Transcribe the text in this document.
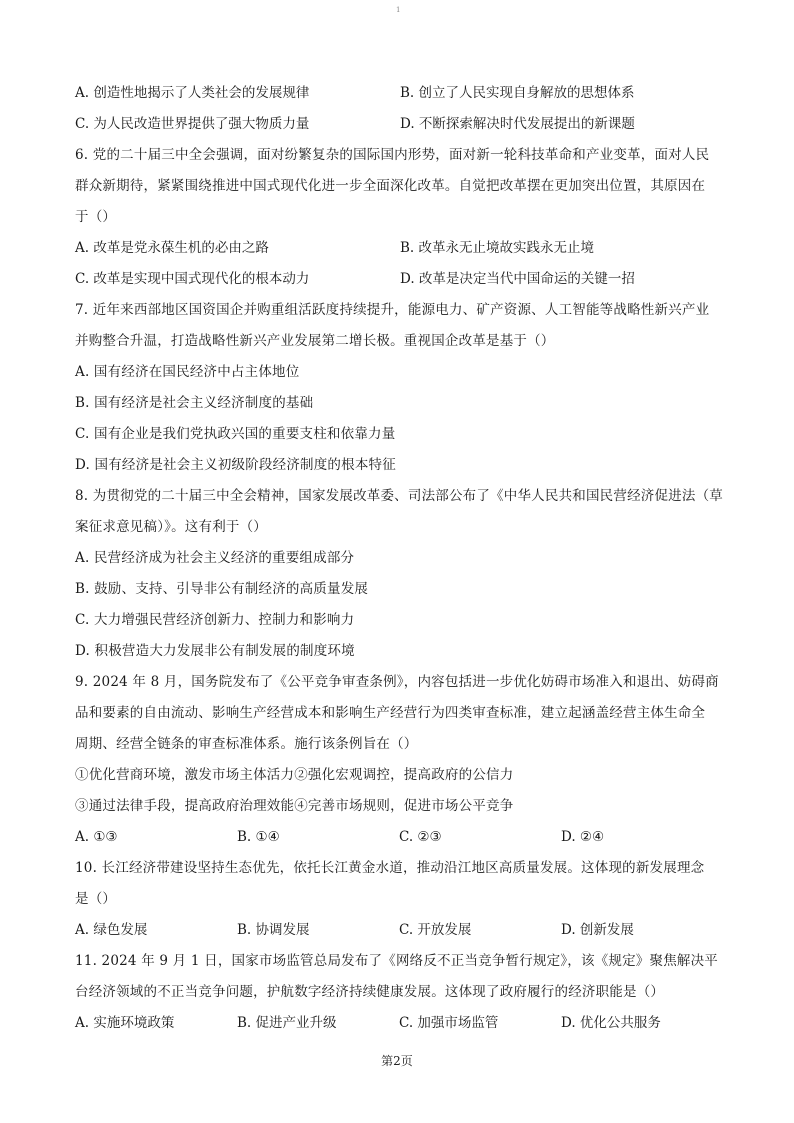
1
A. 创造性地揭示了人类社会的发展规律	B. 创立了人民实现自身解放的思想体系
C. 为人民改造世界提供了强大物质力量	D. 不断探索解决时代发展提出的新课题
6. 党的二十届三中全会强调，面对纷繁复杂的国际国内形势，面对新一轮科技革命和产业变革，面对人民
群众新期待，紧紧围绕推进中国式现代化进一步全面深化改革。自觉把改革摆在更加突出位置，其原因在
于（）
A. 改革是党永葆生机的必由之路	B. 改革永无止境故实践永无止境
C. 改革是实现中国式现代化的根本动力	D. 改革是决定当代中国命运的关键一招
7. 近年来西部地区国资国企并购重组活跃度持续提升，能源电力、矿产资源、人工智能等战略性新兴产业
并购整合升温，打造战略性新兴产业发展第二增长极。重视国企改革是基于（）
A. 国有经济在国民经济中占主体地位
B. 国有经济是社会主义经济制度的基础
C. 国有企业是我们党执政兴国的重要支柱和依靠力量
D. 国有经济是社会主义初级阶段经济制度的根本特征
8. 为贯彻党的二十届三中全会精神，国家发展改革委、司法部公布了《中华人民共和国民营经济促进法（草
案征求意见稿）》。这有利于（）
A. 民营经济成为社会主义经济的重要组成部分
B. 鼓励、支持、引导非公有制经济的高质量发展
C. 大力增强民营经济创新力、控制力和影响力
D. 积极营造大力发展非公有制发展的制度环境
9. 2024 年 8 月，国务院发布了《公平竞争审查条例》，内容包括进一步优化妨碍市场准入和退出、妨碍商
品和要素的自由流动、影响生产经营成本和影响生产经营行为四类审查标准，建立起涵盖经营主体生命全
周期、经营全链条的审查标准体系。施行该条例旨在（）
①优化营商环境，激发市场主体活力②强化宏观调控，提高政府的公信力
③通过法律手段，提高政府治理效能④完善市场规则，促进市场公平竞争
A. ①③	B. ①④	C. ②③	D. ②④
10. 长江经济带建设坚持生态优先，依托长江黄金水道，推动沿江地区高质量发展。这体现的新发展理念
是（）
A. 绿色发展	B. 协调发展	C. 开放发展	D. 创新发展
11. 2024 年 9 月 1 日，国家市场监管总局发布了《网络反不正当竞争暂行规定》，该《规定》聚焦解决平
台经济领域的不正当竞争问题，护航数字经济持续健康发展。这体现了政府履行的经济职能是（）
A. 实施环境政策	B. 促进产业升级	C. 加强市场监管	D. 优化公共服务
第2页
